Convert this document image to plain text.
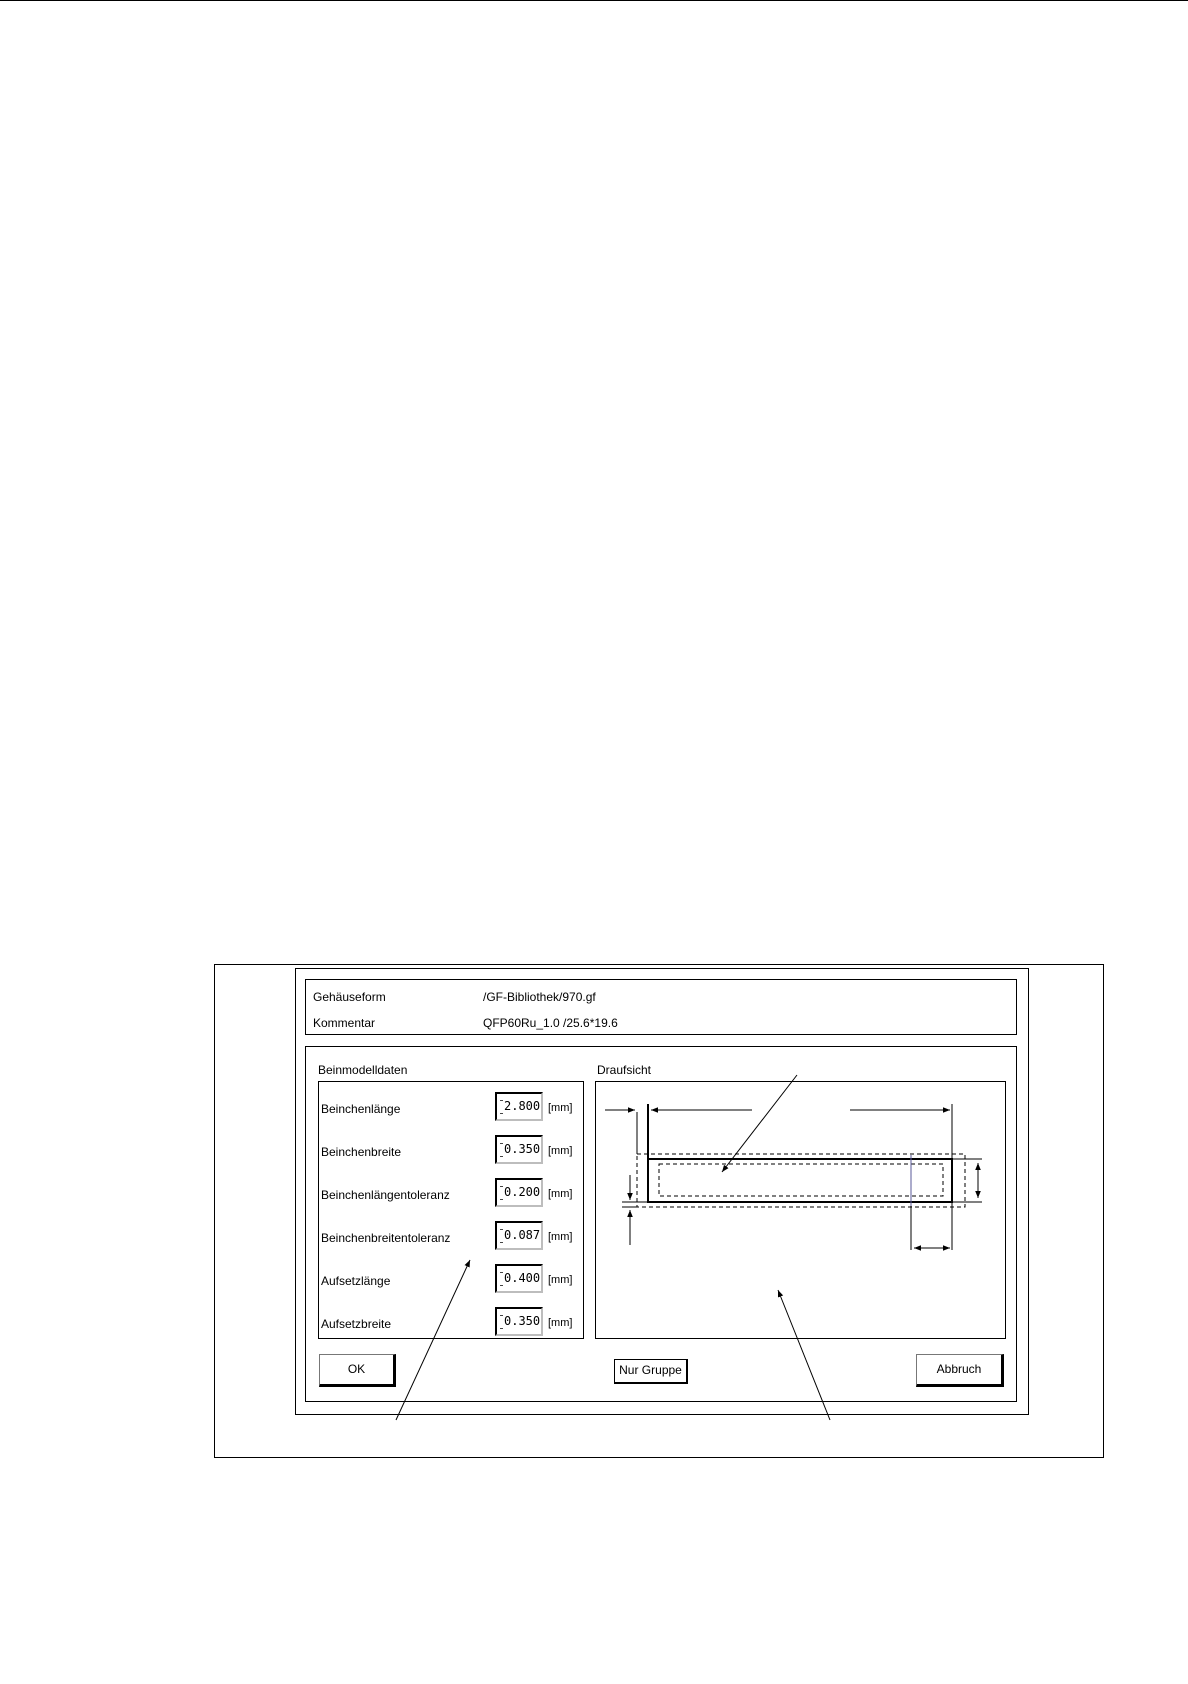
Gehäuseform	/GF-Bibliothek/970.gf
Kommentar	QFP60Ru_1.0 /25.6*19.6
Beinmodelldaten
Beinchenlänge	2.800 [mm]
Beinchenbreite	0.350 [mm]
Beinchenlängentoleranz	0.200 [mm]
Beinchenbreitentoleranz	0.087 [mm]
Aufsetzlänge	0.400 [mm]
Aufsetzbreite	0.350 [mm]
Draufsicht
OK	Nur Gruppe	Abbruch
